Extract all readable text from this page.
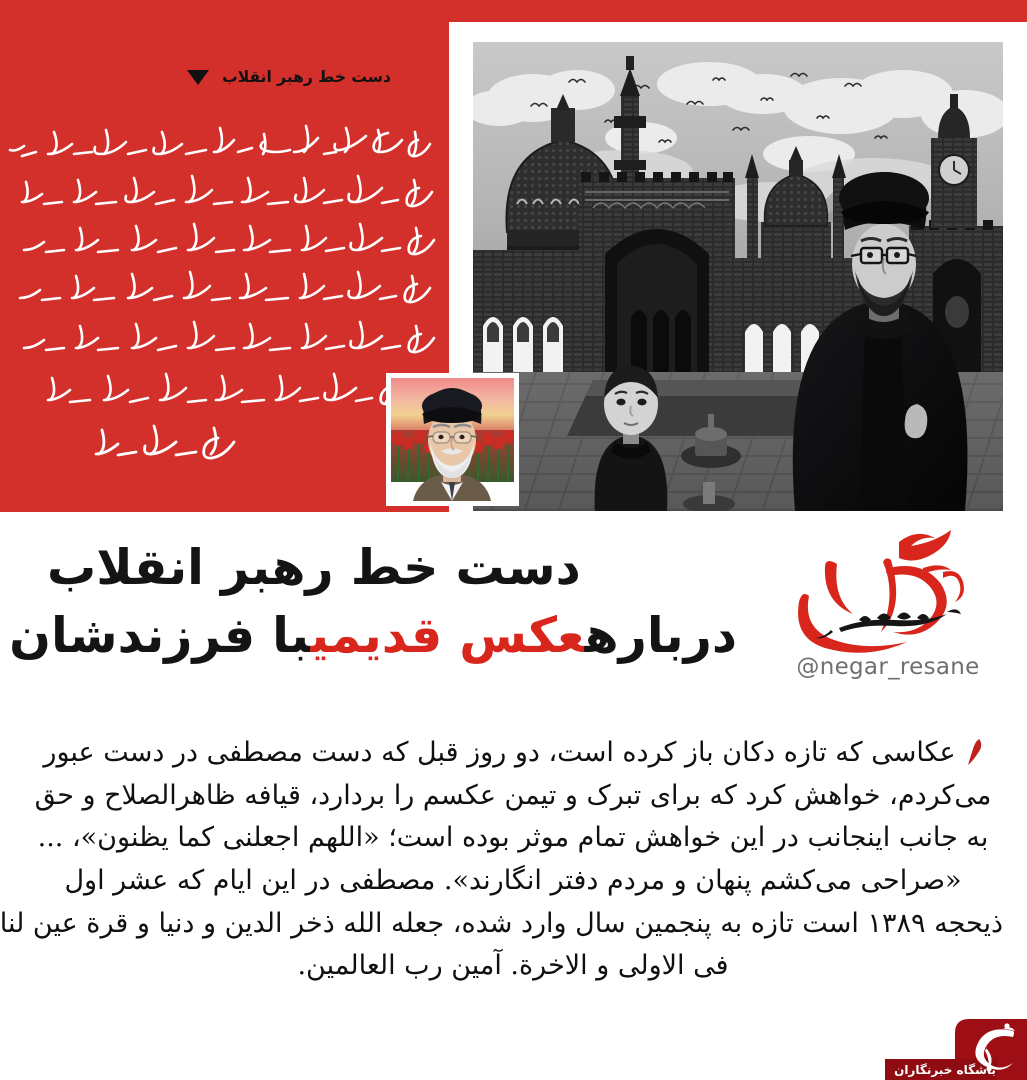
دست خط رهبر انقلاب
@negar_resane
دست خط رهبر انقلاب
دربارهعکس قدیمیبا فرزندشان
عکاسی که تازه دکان باز کرده است، دو روز قبل که دست مصطفی در دست عبور
می‌کردم، خواهش کرد که برای تبرک و تیمن عکسم را بردارد، قیافه ظاهرالصلاح و حق
به جانب اینجانب در این خواهش تمام موثر بوده است؛ «اللهم اجعلنی کما یظنون»، ...
«صراحی می‌کشم پنهان و مردم دفتر انگارند». مصطفی در این ایام که عشر اول
ذیحجه ۱۳۸۹ است تازه به پنجمین سال وارد شده، جعله الله ذخر الدین و دنیا و قرة عین لنا
فی الاولی و الاخرة. آمین رب العالمین.
باشگاه خبرنگاران
